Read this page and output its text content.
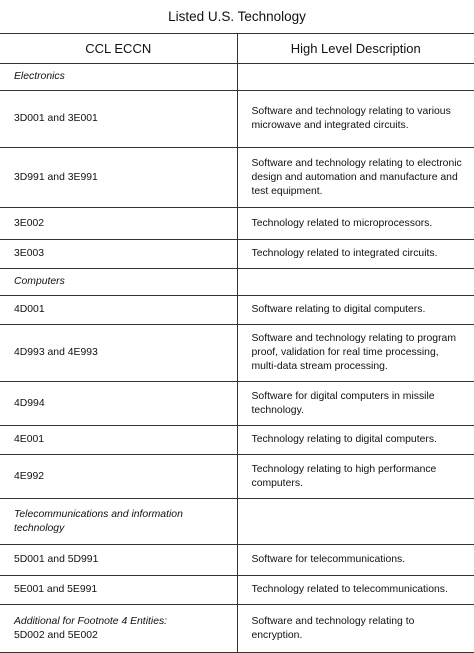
Listed U.S. Technology
CCL ECCN	High Level Description
Electronics	
3D001 and 3E001	Software and technology relating to various microwave and integrated circuits.
3D991 and 3E991	Software and technology relating to electronic design and automation and manufacture and test equipment.
3E002	Technology related to microprocessors.
3E003	Technology related to integrated circuits.
Computers	
4D001	Software relating to digital computers.
4D993 and 4E993	Software and technology relating to program proof, validation for real time processing, multi-data stream processing.
4D994	Software for digital computers in missile technology.
4E001	Technology relating to digital computers.
4E992	Technology relating to high performance computers.
Telecommunications and information technology	
5D001 and 5D991	Software for telecommunications.
5E001 and 5E991	Technology related to telecommunications.
Additional for Footnote 4 Entities:
5D002 and 5E002	Software and technology relating to encryption.
